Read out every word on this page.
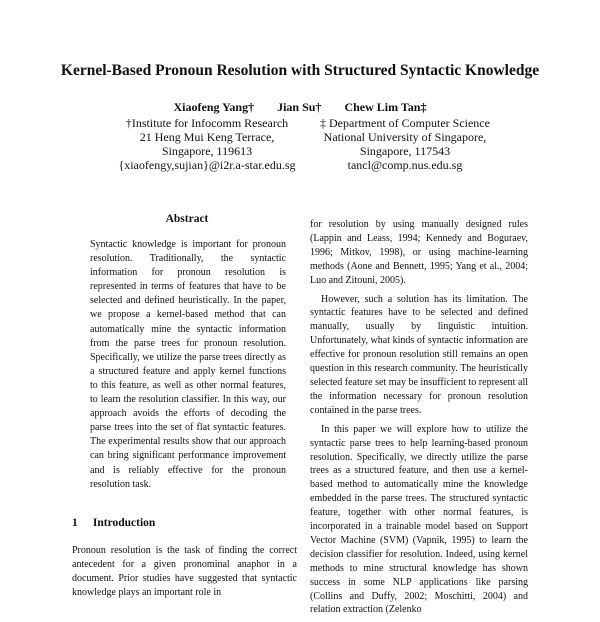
Kernel-Based Pronoun Resolution with Structured Syntactic Knowledge
Xiaofeng Yang† Jian Su† Chew Lim Tan‡
†Institute for Infocomm Research
21 Heng Mui Keng Terrace,
Singapore, 119613
{xiaofengy,sujian}@i2r.a-star.edu.sg
‡ Department of Computer Science
National University of Singapore,
Singapore, 117543
tancl@comp.nus.edu.sg
Abstract
Syntactic knowledge is important for pronoun resolution. Traditionally, the syntactic information for pronoun resolution is represented in terms of features that have to be selected and defined heuristically. In the paper, we propose a kernel-based method that can automatically mine the syntactic information from the parse trees for pronoun resolution. Specifically, we utilize the parse trees directly as a structured feature and apply kernel functions to this feature, as well as other normal features, to learn the resolution classifier. In this way, our approach avoids the efforts of decoding the parse trees into the set of flat syntactic features. The experimental results show that our approach can bring significant performance improvement and is reliably effective for the pronoun resolution task.
1 Introduction
Pronoun resolution is the task of finding the correct antecedent for a given pronominal anaphor in a document. Prior studies have suggested that syntactic knowledge plays an important role in

for resolution by using manually designed rules (Lappin and Leass, 1994; Kennedy and Boguraev, 1996; Mitkov, 1998), or using machine-learning methods (Aone and Bennett, 1995; Yang et al., 2004; Luo and Zitouni, 2005).

However, such a solution has its limitation. The syntactic features have to be selected and defined manually, usually by linguistic intuition. Unfortunately, what kinds of syntactic information are effective for pronoun resolution still remains an open question in this research community. The heuristically selected feature set may be insufficient to represent all the information necessary for pronoun resolution contained in the parse trees.

In this paper we will explore how to utilize the syntactic parse trees to help learning-based pronoun resolution. Specifically, we directly utilize the parse trees as a structured feature, and then use a kernel-based method to automatically mine the knowledge embedded in the parse trees. The structured syntactic feature, together with other normal features, is incorporated in a trainable model based on Support Vector Machine (SVM) (Vapnik, 1995) to learn the decision classifier for resolution. Indeed, using kernel methods to mine structural knowledge has shown success in some NLP applications like parsing (Collins and Duffy, 2002; Moschitti, 2004) and relation extraction (Zelenko
